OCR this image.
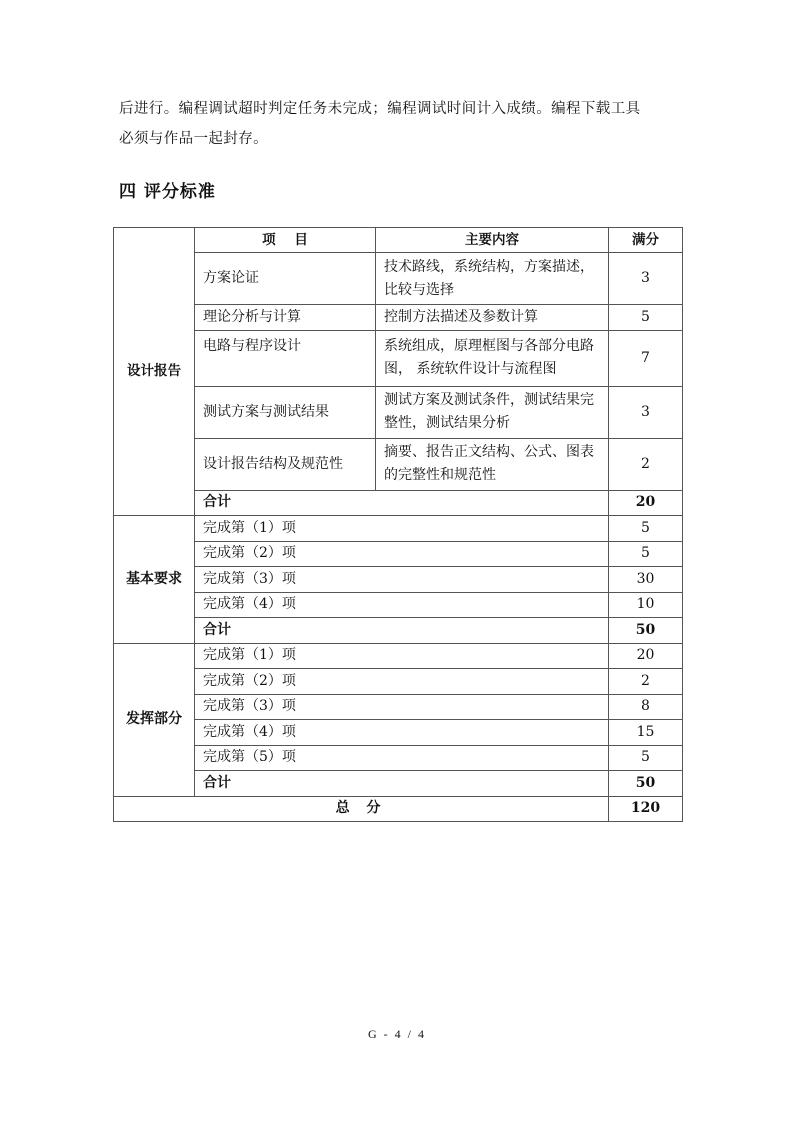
后进行。编程调试超时判定任务未完成；编程调试时间计入成绩。编程下载工具
必须与作品一起封存。
四 评分标准
设计报告	项    目	主要内容	满分
	方案论证	技术路线，系统结构，方案描述，比较与选择	3
	理论分析与计算	控制方法描述及参数计算	5
	电路与程序设计	系统组成，原理框图与各部分电路图， 系统软件设计与流程图	7
	测试方案与测试结果	测试方案及测试条件，测试结果完整性，测试结果分析	3
	设计报告结构及规范性	摘要、报告正文结构、公式、图表的完整性和规范性	2
	合计		20
基本要求	完成第（1）项		5
	完成第（2）项		5
	完成第（3）项		30
	完成第（4）项		10
	合计		50
发挥部分	完成第（1）项		20
	完成第（2）项		2
	完成第（3）项		8
	完成第（4）项		15
	完成第（5）项		5
	合计		50
总 分			120
G - 4 / 4
